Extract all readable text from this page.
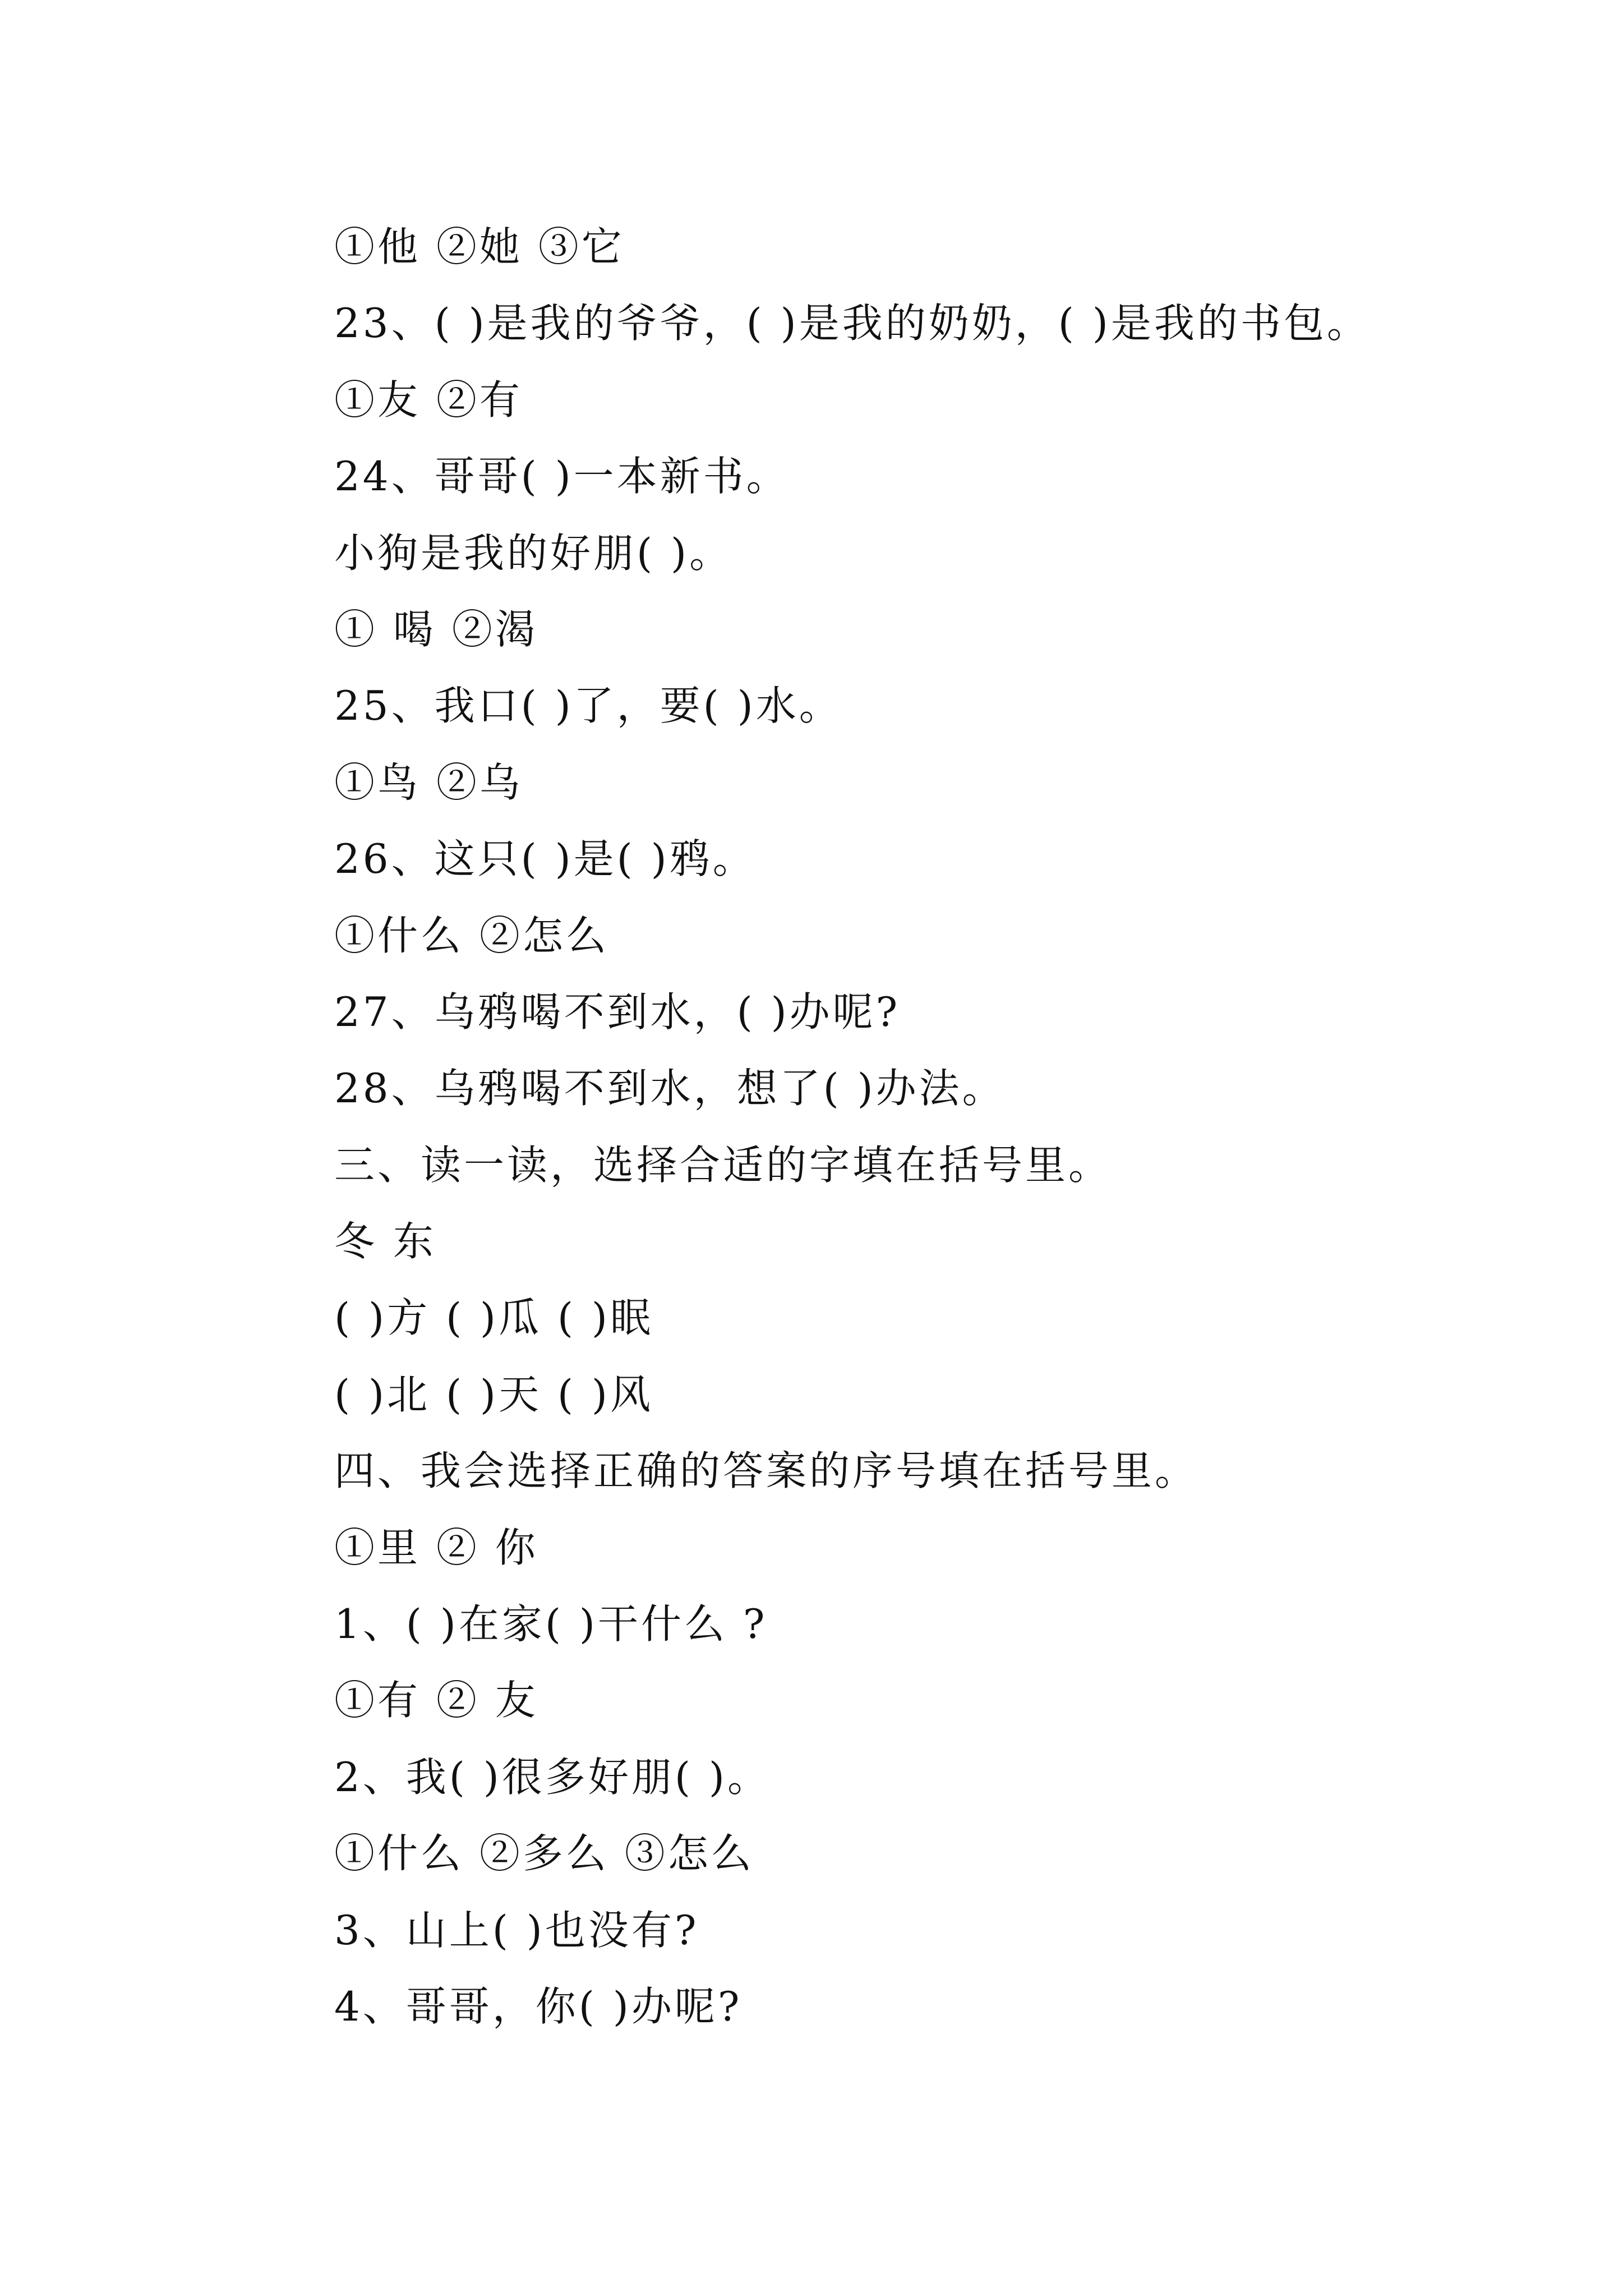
①他 ②她 ③它
23、( )是我的爷爷，( )是我的奶奶，( )是我的书包。
①友 ②有
24、哥哥( )一本新书。
小狗是我的好朋( )。
① 喝 ②渴
25、我口( )了，要( )水。
①鸟 ②乌
26、这只( )是( )鸦。
①什么 ②怎么
27、乌鸦喝不到水，( )办呢?
28、乌鸦喝不到水，想了( )办法。
三、读一读，选择合适的字填在括号里。
冬 东
( )方 ( )瓜 ( )眠
( )北 ( )天 ( )风
四、我会选择正确的答案的序号填在括号里。
①里 ② 你
1、( )在家( )干什么 ?
①有 ② 友
2、我( )很多好朋( )。
①什么 ②多么 ③怎么
3、山上( )也没有?
4、哥哥，你( )办呢?
